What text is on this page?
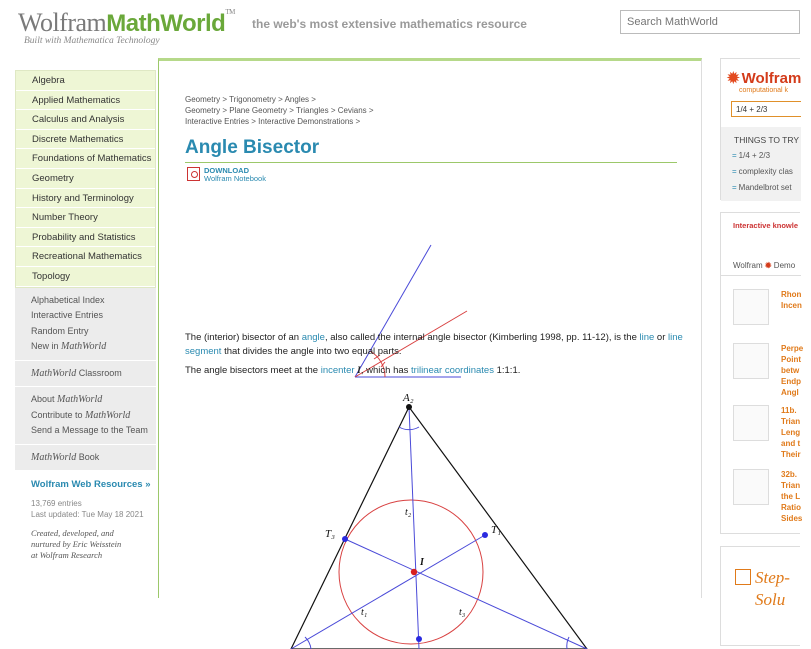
WolframMathWorld™
Built with Mathematica Technology
the web's most extensive mathematics resource
Search MathWorld
Algebra
Applied Mathematics
Calculus and Analysis
Discrete Mathematics
Foundations of Mathematics
Geometry
History and Terminology
Number Theory
Probability and Statistics
Recreational Mathematics
Topology
Alphabetical Index
Interactive Entries
Random Entry
New in MathWorld
MathWorld Classroom
About MathWorld
Contribute to MathWorld
Send a Message to the Team
MathWorld Book
Wolfram Web Resources »
13,769 entries
Last updated: Tue May 18 2021
Created, developed, and
nurtured by Eric Weisstein
at Wolfram Research
Geometry > Trigonometry > Angles >
Geometry > Plane Geometry > Triangles > Cevians >
Interactive Entries > Interactive Demonstrations >
Angle Bisector
DOWNLOAD
Wolfram Notebook

The (interior) bisector of an angle, also called the internal angle bisector (Kimberling 1998, pp. 11-12), is the line or line segment that divides the angle into two equal parts.

The angle bisectors meet at the incenter I, which has trilinear coordinates 1:1:1.

A₂
T₁
T₃
t₂
I
t₁	t₃
✹ Wolfram
computational k
1/4 + 2/3
THINGS TO TRY
= 1/4 + 2/3
= complexity clas
= Mandelbrot set
Interactive knowle
Wolfram ✹ Demo
Rhon
Incen
Perpe
Point
betw
Endp
Angl
11b.
Trian
Leng
and t
Their
32b.
Trian
the L
Ratio
Sides
Step-
Solu
